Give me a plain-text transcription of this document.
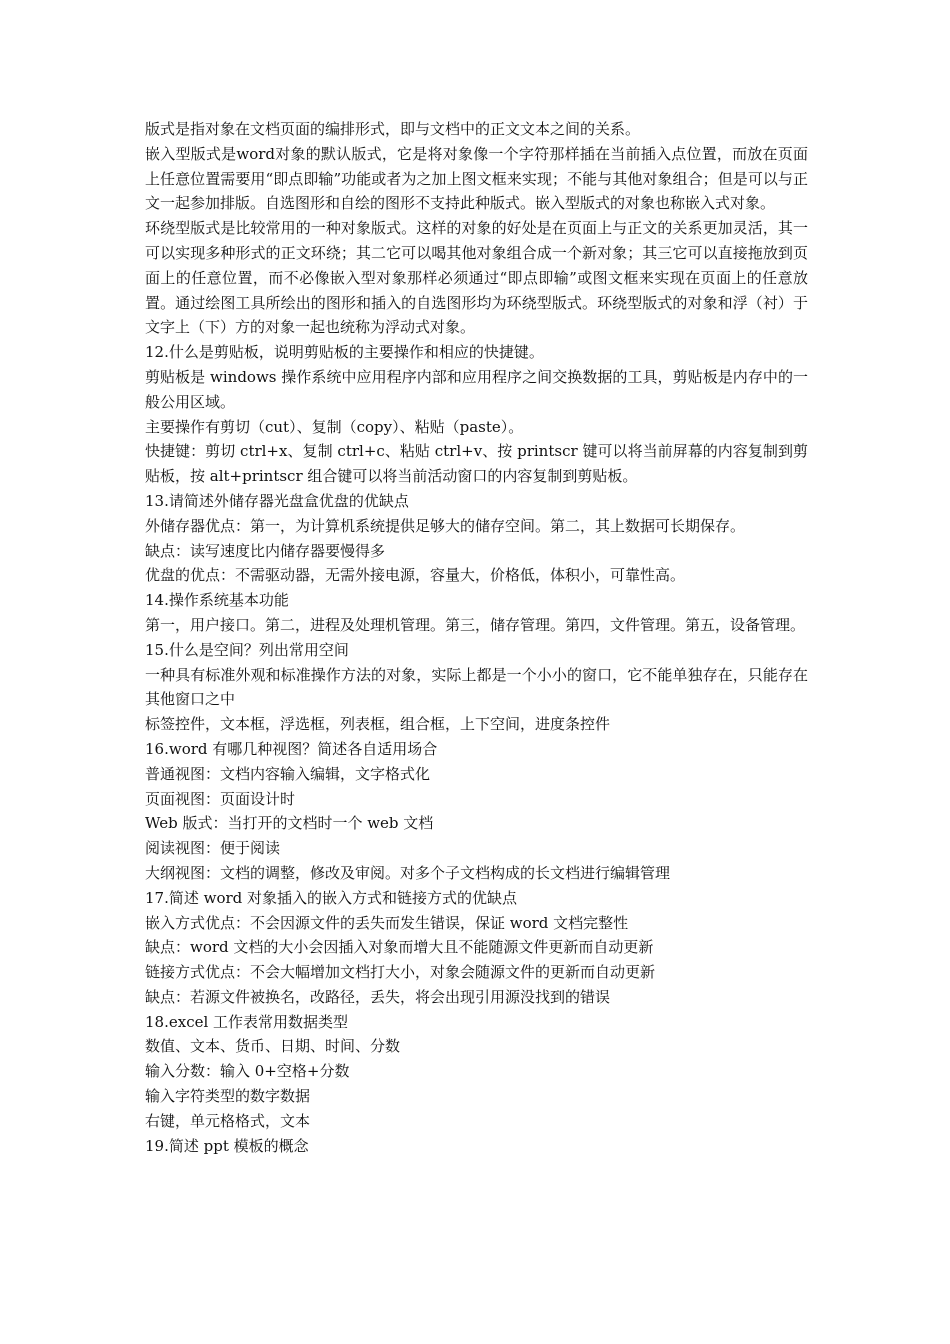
版式是指对象在文档页面的编排形式，即与文档中的正文文本之间的关系。

嵌入型版式是word对象的默认版式，它是将对象像一个字符那样插在当前插入点位置，而放在页面上任意位置需要用“即点即输”功能或者为之加上图文框来实现；不能与其他对象组合；但是可以与正文一起参加排版。自选图形和自绘的图形不支持此种版式。嵌入型版式的对象也称嵌入式对象。

环绕型版式是比较常用的一种对象版式。这样的对象的好处是在页面上与正文的关系更加灵活，其一可以实现多种形式的正文环绕；其二它可以喝其他对象组合成一个新对象；其三它可以直接拖放到页面上的任意位置，而不必像嵌入型对象那样必须通过“即点即输”或图文框来实现在页面上的任意放置。通过绘图工具所绘出的图形和插入的自选图形均为环绕型版式。环绕型版式的对象和浮（衬）于文字上（下）方的对象一起也统称为浮动式对象。

12.什么是剪贴板，说明剪贴板的主要操作和相应的快捷键。

剪贴板是 windows 操作系统中应用程序内部和应用程序之间交换数据的工具，剪贴板是内存中的一般公用区域。

主要操作有剪切（cut）、复制（copy）、粘贴（paste）。

快捷键：剪切 ctrl+x、复制 ctrl+c、粘贴 ctrl+v、按 printscr 键可以将当前屏幕的内容复制到剪贴板，按 alt+printscr 组合键可以将当前活动窗口的内容复制到剪贴板。

13.请简述外储存器光盘盒优盘的优缺点

外储存器优点：第一，为计算机系统提供足够大的储存空间。第二，其上数据可长期保存。

缺点：读写速度比内储存器要慢得多

优盘的优点：不需驱动器，无需外接电源，容量大，价格低，体积小，可靠性高。

14.操作系统基本功能

第一，用户接口。第二，进程及处理机管理。第三，储存管理。第四，文件管理。第五，设备管理。

15.什么是空间？列出常用空间

一种具有标准外观和标准操作方法的对象，实际上都是一个小小的窗口，它不能单独存在，只能存在其他窗口之中

标签控件，文本框，浮选框，列表框，组合框，上下空间，进度条控件

16.word 有哪几种视图？简述各自适用场合

普通视图：文档内容输入编辑，文字格式化

页面视图：页面设计时

Web 版式：当打开的文档时一个 web 文档

阅读视图：便于阅读

大纲视图：文档的调整，修改及审阅。对多个子文档构成的长文档进行编辑管理

17.简述 word 对象插入的嵌入方式和链接方式的优缺点

嵌入方式优点：不会因源文件的丢失而发生错误，保证 word 文档完整性

缺点：word 文档的大小会因插入对象而增大且不能随源文件更新而自动更新

链接方式优点：不会大幅增加文档打大小，对象会随源文件的更新而自动更新

缺点：若源文件被换名，改路径，丢失，将会出现引用源没找到的错误

18.excel 工作表常用数据类型

数值、文本、货币、日期、时间、分数

输入分数：输入 0+空格+分数

输入字符类型的数字数据

右键，单元格格式，文本

19.简述 ppt 模板的概念
